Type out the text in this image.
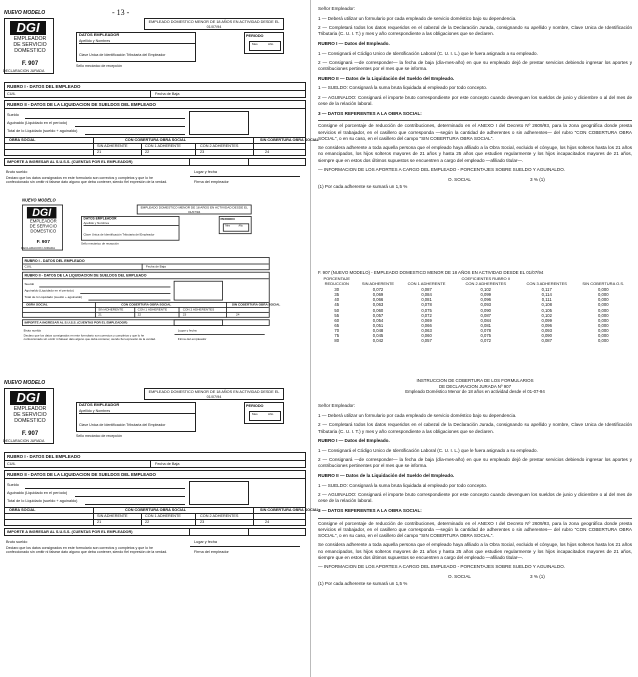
- 13 -
NUEVO MODELO
DGI
EMPLEADOR
DE SERVICIO
DOMESTICO
F. 907
DECLARACION JURADA
EMPLEADO DOMESTICO MENOR DE 18 AÑOS EN ACTIVIDAD DESDE EL 01/07/94
DATOS EMPLEADOR
Apellido y Nombres
Clave Unica de Identificación Tributaria del Empleador
PERIODO
Mes	Año
Sello mecánico de recepción
RUBRO I - DATOS DEL EMPLEADO
CUIL	Fecha de Baja
RUBRO II - DATOS DE LA LIQUIDACION DE SUELDOS DEL EMPLEADO
Sueldo
Aguinaldo (Liquidado en el período)
Total de lo Liquidado (sueldo + aguinaldo)
OBRA SOCIAL	CON COBERTURA OBRA SOCIAL	SIN COBERTURA OBRA SOCIAL
SIN ADHERENTE	CON 1 ADHERENTE	CON 2 ADHERENTES
21	22	23	24
IMPORTE A INGRESAR AL S.U.S.S. (CUENTAS POR EL EMPLEADOR)
Bruto sueldo	Lugar y fecha
Firma del empleador
Declaro que los datos consignados en este formulario son correctos y completos y que lo he confeccionado sin omitir ni falsear dato alguno que deba contener, siendo fiel expresión de la verdad.
NUEVO MODELO
DGI
EMPLEADOR
DE SERVICIO
DOMESTICO
F. 907
DECLARACION JURADA
EMPLEADO DOMESTICO MENOR DE 18 AÑOS EN ACTIVIDAD DESDE EL 01/07/94
DATOS EMPLEADOR
Apellido y Nombres
Clave Unica de Identificación Tributaria del Empleador
PERIODO
Mes	Año
Sello mecánico de recepción
RUBRO I - DATOS DEL EMPLEADO
CUIL	Fecha de Baja
RUBRO II - DATOS DE LA LIQUIDACION DE SUELDOS DEL EMPLEADO
Sueldo
Aguinaldo (Liquidado en el período)
Total de lo Liquidado (sueldo + aguinaldo)
OBRA SOCIAL	CON COBERTURA OBRA SOCIAL	SIN COBERTURA OBRA SOCIAL
SIN ADHERENTE	CON 1 ADHERENTE	CON 2 ADHERENTES
21	22	23	24
IMPORTE A INGRESAR AL S.U.S.S. (CUENTAS POR EL EMPLEADOR)
Bruto sueldo	Lugar y fecha
Firma del empleador
Declaro que los datos consignados en este formulario son correctos y completos y que lo he confeccionado sin omitir ni falsear dato alguno que deba contener, siendo fiel expresión de la verdad.
NUEVO MODELO
DGI
EMPLEADOR
DE SERVICIO
DOMESTICO
F. 907
DECLARACION JURADA
EMPLEADO DOMESTICO MENOR DE 18 AÑOS EN ACTIVIDAD DESDE EL 01/07/94
DATOS EMPLEADOR
Apellido y Nombres
Clave Unica de Identificación Tributaria del Empleador
PERIODO
Mes	Año
Sello mecánico de recepción
RUBRO I - DATOS DEL EMPLEADO
CUIL	Fecha de Baja
RUBRO II - DATOS DE LA LIQUIDACION DE SUELDOS DEL EMPLEADO
Sueldo
Aguinaldo (Liquidado en el período)
Total de lo Liquidado (sueldo + aguinaldo)
OBRA SOCIAL	CON COBERTURA OBRA SOCIAL	SIN COBERTURA OBRA SOCIAL
SIN ADHERENTE	CON 1 ADHERENTE	CON 2 ADHERENTES
21	22	23	24
IMPORTE A INGRESAR AL S.U.S.S. (CUENTAS POR EL EMPLEADOR)
Bruto sueldo	Lugar y fecha
Firma del empleador
Declaro que los datos consignados en este formulario son correctos y completos y que lo he confeccionado sin omitir ni falsear dato alguno que deba contener, siendo fiel expresión de la verdad.

Señor Empleador:

1 — Deberá utilizar un formulario por cada empleado de servicio doméstico bajo su dependencia.

2 — Completará todos los datos requeridos en el cabezal de la Declaración Jurada, consignando su apellido y nombre, Clave Unica de Identificación Tributaria (C. U. I. T.) y mes y año correspondiente a las obligaciones que se declaren.

RUBRO I — Datos del Empleado.

1 — Consignará el Código Unico de Identificación Laboral (C. U. I. L.) que le fuera asignado a su empleado.

2 — Consignará —de corresponder— la fecha de baja (día-mes-año) en que su empleado dejó de prestar servicios debiendo ingresar los aportes y contribuciones pertinentes por el mes que se informa.

RUBRO II — Datos de la Liquidación del Sueldo del Empleado.

1 — SUELDO: Consignará la suma bruta liquidada al empleado por todo concepto.

2 — AGUINALDO: Consignará el importe bruto correspondiente por este concepto cuando devenguen los sueldos de junio y diciembre o al del mes de cese de la relación laboral.

3 — DATOS REFERENTES A LA OBRA SOCIAL:

Consigne el porcentaje de reducción de contribuciones, determinado en el ANEXO I del Decreto Nº 2609/93, para la zona geográfica donde presta servicios el trabajador, en el casillero que corresponda —según la cantidad de adherentes o sin adherentes— del rubro "CON COBERTURA OBRA SOCIAL", o en su caso, en el casillero del campo "SIN COBERTURA OBRA SOCIAL".

Se considera adherente a toda aquella persona que el empleado haya afiliado a la Obra Social, excluido el cónyuge, los hijos solteros hasta los 21 años no emancipados, los hijos solteros mayores de 21 años y hasta 25 años que estudien regularmente y los hijos incapacitados mayores de 21 años, siempre que en estos dos últimos supuestos se encuentren a cargo del empleado —afiliado titular—.

— INFORMACION DE LOS APORTES A CARGO DEL EMPLEADO - PORCENTAJES SOBRE SUELDO Y AGUINALDO.

O. SOCIAL	3 % (1)

(1) Por cada adherente se sumará un 1,5 %

F. 907 (NUEVO MODELO) - EMPLEADO DOMESTICO MENOR DE 18 AÑOS EN ACTIVIDAD DESDE EL 01/07/94
PORCENTAJE			COEFICIENTES RUBRO II		
REDUCCION	SIN ADHERENTE	CON 1 ADHERENTE	CON 2 ADHERENTES	CON 3 ADHERENTES	SIN COBERTURA O.S.
30	0,072	0,087	0,102	0,117	0,000
35	0,069	0,084	0,099	0,114	0,000
40	0,066	0,081	0,096	0,111	0,000
45	0,063	0,078	0,093	0,108	0,000
50	0,060	0,075	0,090	0,105	0,000
55	0,057	0,072	0,087	0,102	0,000
60	0,054	0,069	0,084	0,099	0,000
65	0,051	0,066	0,081	0,096	0,000
70	0,048	0,063	0,078	0,093	0,000
75	0,045	0,060	0,075	0,090	0,000
80	0,042	0,057	0,072	0,087	0,000
INSTRUCCION DE COBERTURA DE LOS FORMULARIOS
DE DECLARACION JURADA Nº 907
Empleado Doméstico Menor de 18 años en actividad desde el 01-07-94

Señor Empleador:

1 — Deberá utilizar un formulario por cada empleado de servicio doméstico bajo su dependencia.

2 — Completará todos los datos requeridos en el cabezal de la Declaración Jurada, consignando su apellido y nombre, Clave Unica de Identificación Tributaria (C. U. I. T.) y mes y año correspondiente a las obligaciones que se declaren.

RUBRO I — Datos del Empleado.

1 — Consignará el Código Unico de Identificación Laboral (C. U. I. L.) que le fuera asignado a su empleado.

2 — Consignará —de corresponder— la fecha de baja (día-mes-año) en que su empleado dejó de prestar servicios debiendo ingresar los aportes y contribuciones pertinentes por el mes que se informa.

RUBRO II — Datos de la Liquidación del Sueldo del Empleado.

1 — SUELDO: Consignará la suma bruta liquidada al empleado por todo concepto.

2 — AGUINALDO: Consignará el importe bruto correspondiente por este concepto cuando devenguen los sueldos de junio y diciembre o al del mes de cese de la relación laboral.

3 — DATOS REFERENTES A LA OBRA SOCIAL:

Consigne el porcentaje de reducción de contribuciones, determinado en el ANEXO I del Decreto Nº 2609/93, para la zona geográfica donde presta servicios el trabajador, en el casillero que corresponda —según la cantidad de adherentes o sin adherentes— del rubro "CON COBERTURA OBRA SOCIAL", o en su caso, en el casillero del campo "SIN COBERTURA OBRA SOCIAL".

Se considera adherente a toda aquella persona que el empleado haya afiliado a la Obra Social, excluido el cónyuge, los hijos solteros hasta los 21 años no emancipados, los hijos solteros mayores de 21 años y hasta 25 años que estudien regularmente y los hijos incapacitados mayores de 21 años, siempre que en estos dos últimos supuestos se encuentren a cargo del empleado —afiliado titular—.

— INFORMACION DE LOS APORTES A CARGO DEL EMPLEADO - PORCENTAJES SOBRE SUELDO Y AGUINALDO.

O. SOCIAL	3 % (1)

(1) Por cada adherente se sumará un 1,5 %
